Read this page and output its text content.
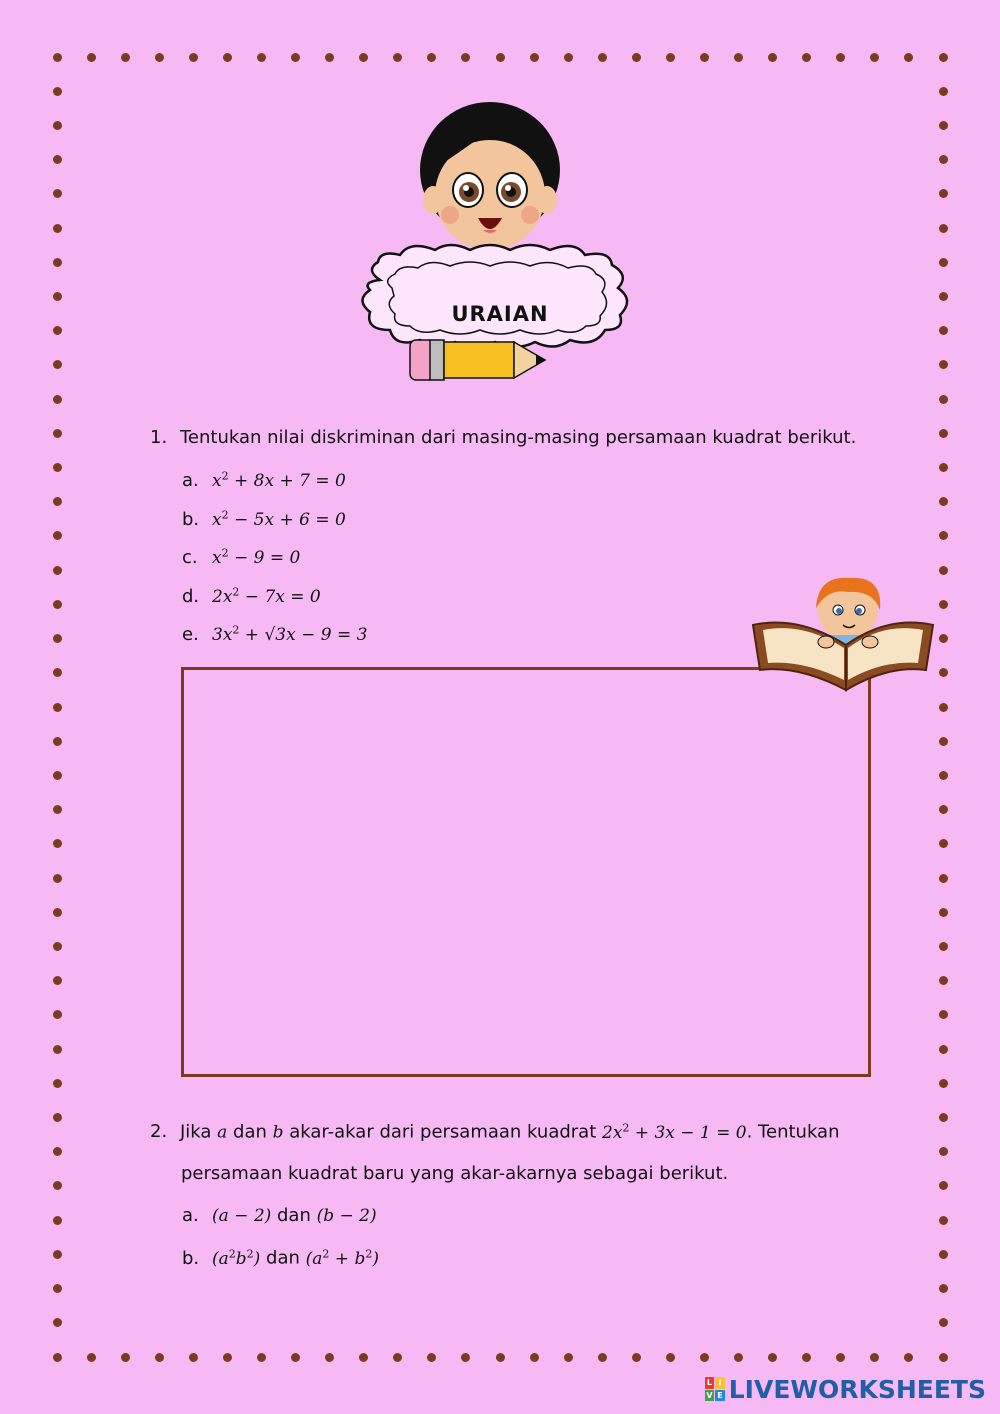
URAIAN
1. Tentukan nilai diskriminan dari masing-masing persamaan kuadrat berikut.
a. $x^2 + 8x + 7 = 0$
b. $x^2 - 5x + 6 = 0$
c. $x^2 - 9 = 0$
d. $2x^2 - 7x = 0$
e. $3x^2 + √3x - 9 = 3$
2. Jika a dan b akar-akar dari persamaan kuadrat $2x^2 + 3x - 1 = 0$. Tentukan
persamaan kuadrat baru yang akar-akarnya sebagai berikut.
a. (a − 2) dan (b − 2)
b. $(a^2b^2)$ dan $(a^2 + b^2)$
L I
V E LIVEWORKSHEETS
